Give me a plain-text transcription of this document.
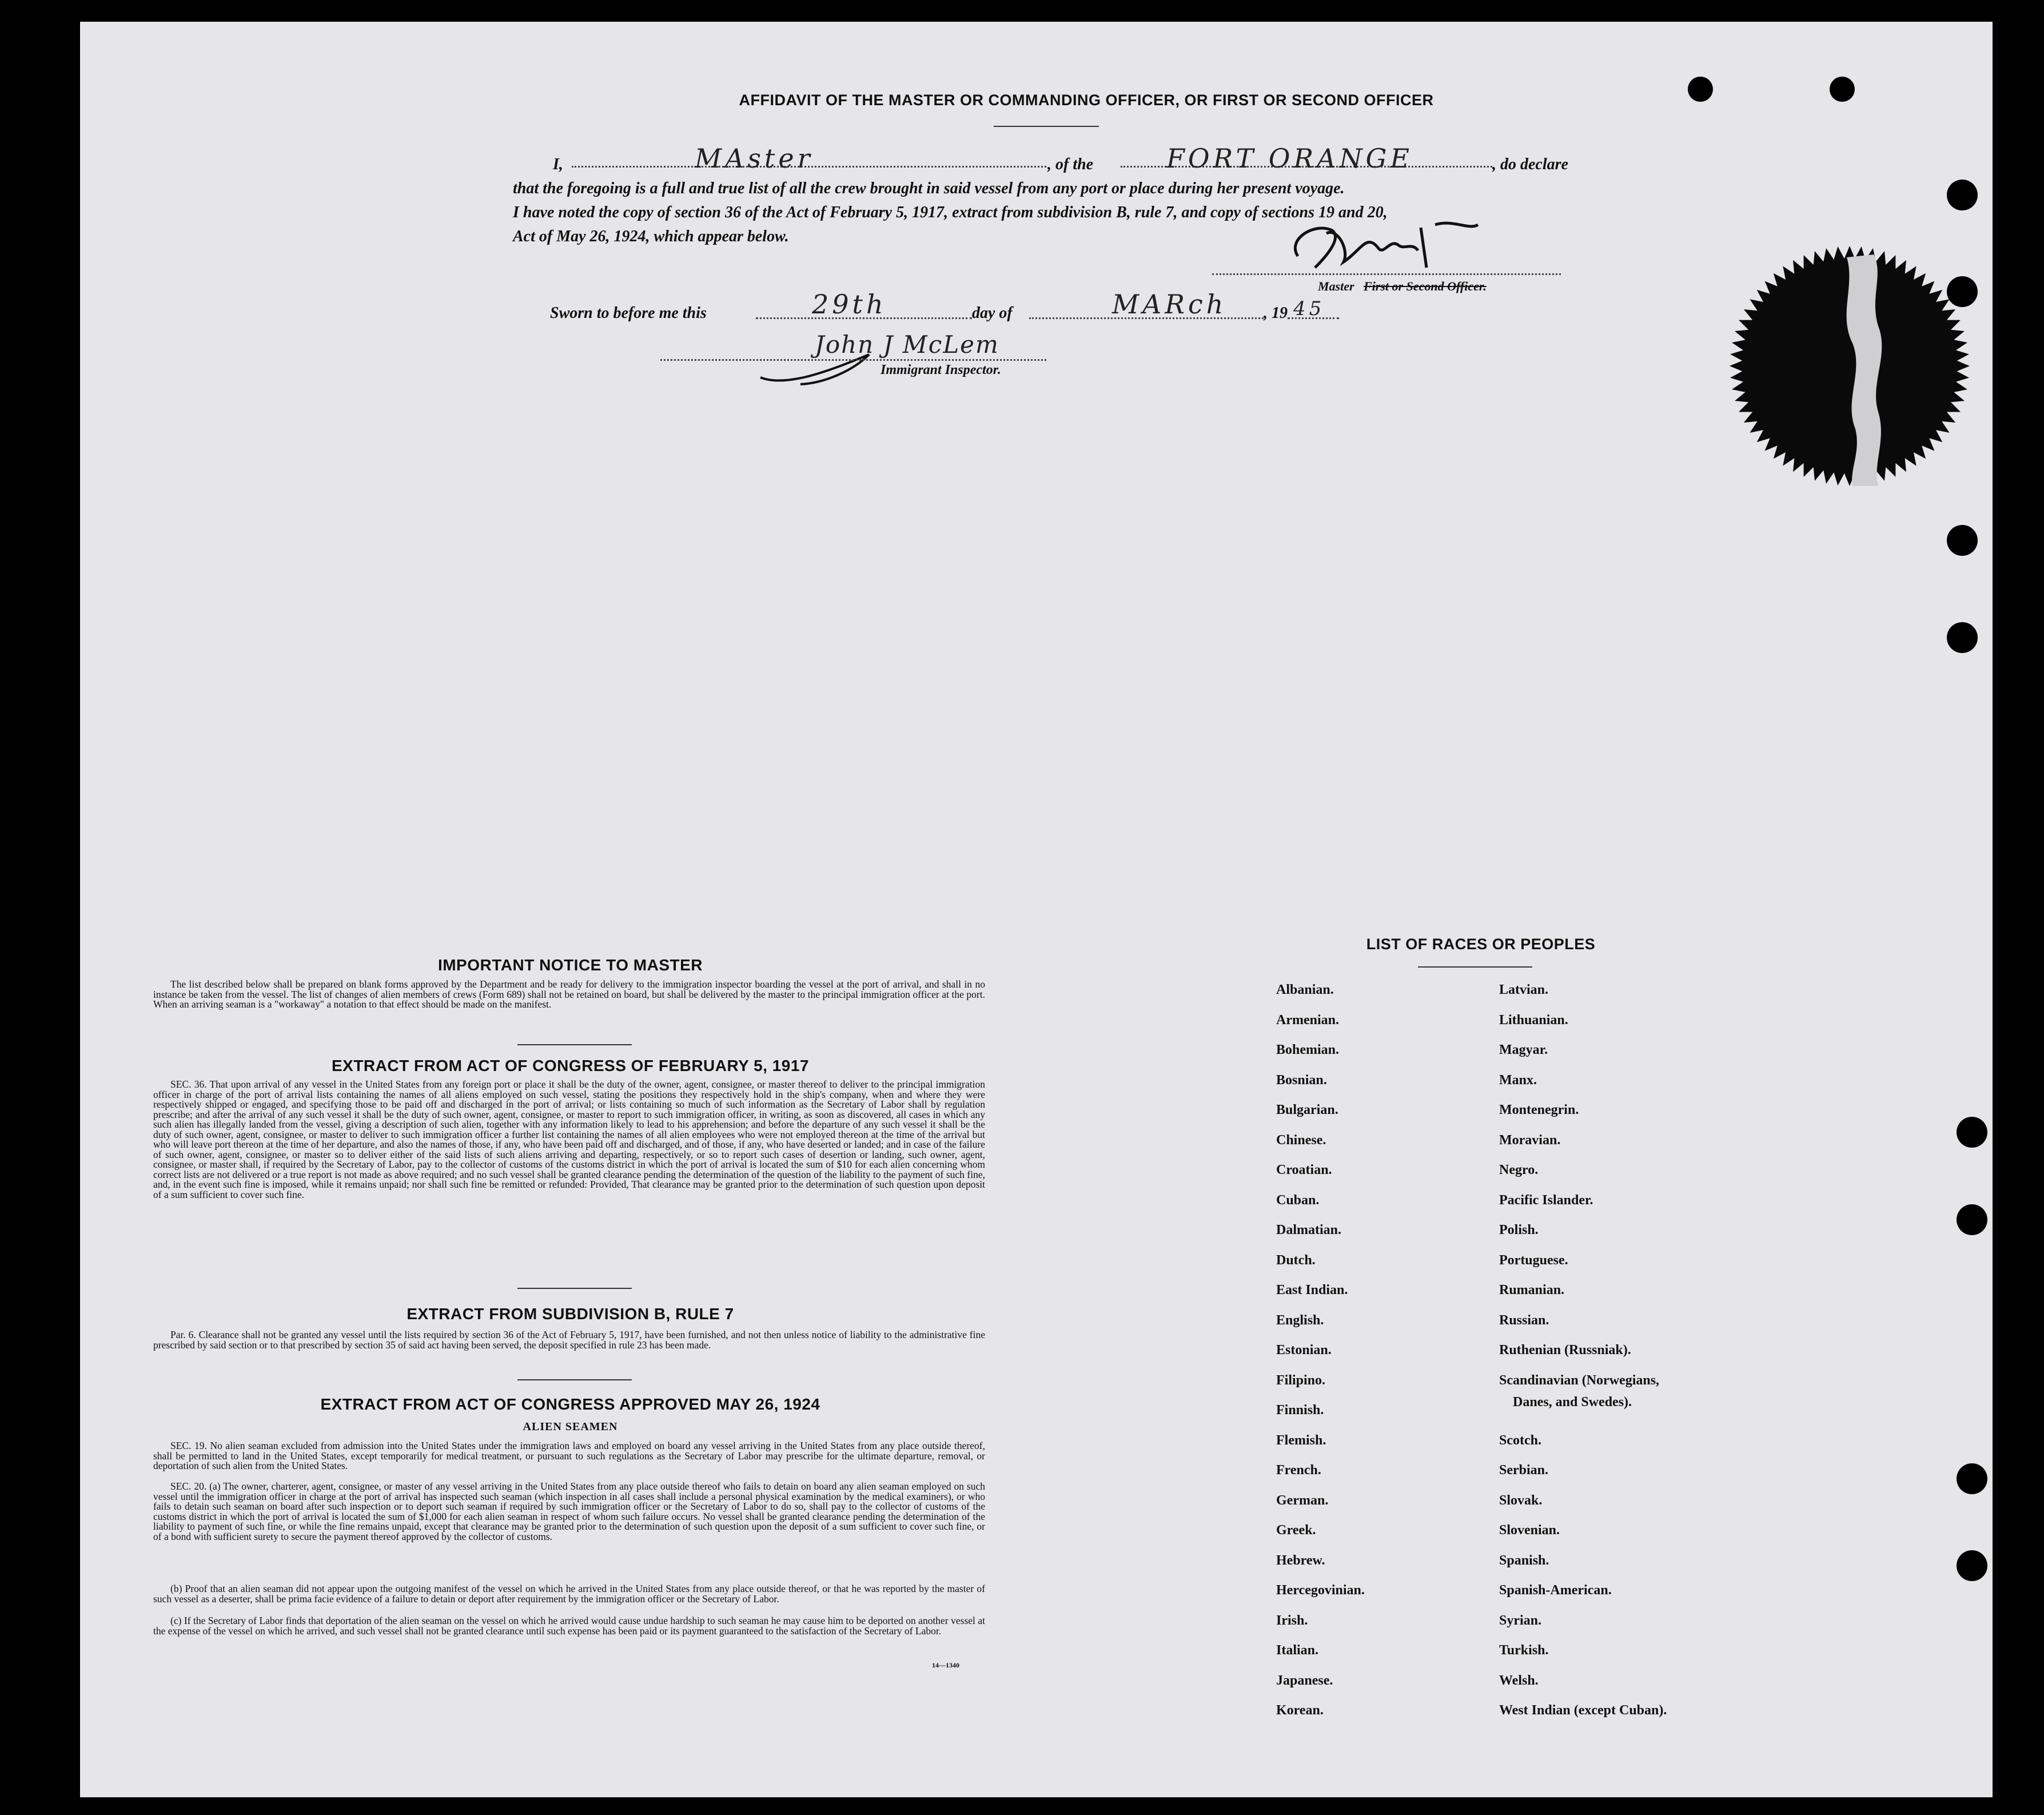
AFFIDAVIT OF THE MASTER OR COMMANDING OFFICER, OR FIRST OR SECOND OFFICER
I,	MAster	, of the	FORT ORANGE	, do declare
that the foregoing is a full and true list of all the crew brought in said vessel from any port or place during her present voyage.
I have noted the copy of section 36 of the Act of February 5, 1917, extract from subdivision B, rule 7, and copy of sections 19 and 20,
Act of May 26, 1924, which appear below.
Master First or Second Officer.
Sworn to before me this	29th	day of	MARch , 19 45
John J McLem
Immigrant Inspector.
IMPORTANT NOTICE TO MASTER
The list described below shall be prepared on blank forms approved by the Department and be ready for delivery to the immigration inspector boarding the vessel at the port of arrival, and shall in no instance be taken from the vessel. The list of changes of alien members of crews (Form 689) shall not be retained on board, but shall be delivered by the master to the principal immigration officer at the port. When an arriving seaman is a "workaway" a notation to that effect should be made on the manifest.
EXTRACT FROM ACT OF CONGRESS OF FEBRUARY 5, 1917
SEC. 36. That upon arrival of any vessel in the United States from any foreign port or place it shall be the duty of the owner, agent, consignee, or master thereof to deliver to the principal immigration officer in charge of the port of arrival lists containing the names of all aliens employed on such vessel, stating the positions they respectively hold in the ship's company, when and where they were respectively shipped or engaged, and specifying those to be paid off and discharged in the port of arrival; or lists containing so much of such information as the Secretary of Labor shall by regulation prescribe; and after the arrival of any such vessel it shall be the duty of such owner, agent, consignee, or master to report to such immigration officer, in writing, as soon as discovered, all cases in which any such alien has illegally landed from the vessel, giving a description of such alien, together with any information likely to lead to his apprehension; and before the departure of any such vessel it shall be the duty of such owner, agent, consignee, or master to deliver to such immigration officer a further list containing the names of all alien employees who were not employed thereon at the time of the arrival but who will leave port thereon at the time of her departure, and also the names of those, if any, who have been paid off and discharged, and of those, if any, who have deserted or landed; and in case of the failure of such owner, agent, consignee, or master so to deliver either of the said lists of such aliens arriving and departing, respectively, or so to report such cases of desertion or landing, such owner, agent, consignee, or master shall, if required by the Secretary of Labor, pay to the collector of customs of the customs district in which the port of arrival is located the sum of $10 for each alien concerning whom correct lists are not delivered or a true report is not made as above required; and no such vessel shall be granted clearance pending the determination of the question of the liability to the payment of such fine, and, in the event such fine is imposed, while it remains unpaid; nor shall such fine be remitted or refunded: Provided, That clearance may be granted prior to the determination of such question upon deposit of a sum sufficient to cover such fine.
EXTRACT FROM SUBDIVISION B, RULE 7
Par. 6. Clearance shall not be granted any vessel until the lists required by section 36 of the Act of February 5, 1917, have been furnished, and not then unless notice of liability to the administrative fine prescribed by said section or to that prescribed by section 35 of said act having been served, the deposit specified in rule 23 has been made.
EXTRACT FROM ACT OF CONGRESS APPROVED MAY 26, 1924
ALIEN SEAMEN
SEC. 19. No alien seaman excluded from admission into the United States under the immigration laws and employed on board any vessel arriving in the United States from any place outside thereof, shall be permitted to land in the United States, except temporarily for medical treatment, or pursuant to such regulations as the Secretary of Labor may prescribe for the ultimate departure, removal, or deportation of such alien from the United States.
SEC. 20. (a) The owner, charterer, agent, consignee, or master of any vessel arriving in the United States from any place outside thereof who fails to detain on board any alien seaman employed on such vessel until the immigration officer in charge at the port of arrival has inspected such seaman (which inspection in all cases shall include a personal physical examination by the medical examiners), or who fails to detain such seaman on board after such inspection or to deport such seaman if required by such immigration officer or the Secretary of Labor to do so, shall pay to the collector of customs of the customs district in which the port of arrival is located the sum of $1,000 for each alien seaman in respect of whom such failure occurs. No vessel shall be granted clearance pending the determination of the liability to payment of such fine, or while the fine remains unpaid, except that clearance may be granted prior to the determination of such question upon the deposit of a sum sufficient to cover such fine, or of a bond with sufficient surety to secure the payment thereof approved by the collector of customs.
(b) Proof that an alien seaman did not appear upon the outgoing manifest of the vessel on which he arrived in the United States from any place outside thereof, or that he was reported by the master of such vessel as a deserter, shall be prima facie evidence of a failure to detain or deport after requirement by the immigration officer or the Secretary of Labor.
(c) If the Secretary of Labor finds that deportation of the alien seaman on the vessel on which he arrived would cause undue hardship to such seaman he may cause him to be deported on another vessel at the expense of the vessel on which he arrived, and such vessel shall not be granted clearance until such expense has been paid or its payment guaranteed to the satisfaction of the Secretary of Labor.
14—1340
LIST OF RACES OR PEOPLES
Albanian.
Armenian.
Bohemian.
Bosnian.
Bulgarian.
Chinese.
Croatian.
Cuban.
Dalmatian.
Dutch.
East Indian.
English.
Estonian.
Filipino.
Finnish.
Flemish.
French.
German.
Greek.
Hebrew.
Hercegovinian.
Irish.
Italian.
Japanese.
Korean.
Latvian.
Lithuanian.
Magyar.
Manx.
Montenegrin.
Moravian.
Negro.
Pacific Islander.
Polish.
Portuguese.
Rumanian.
Russian.
Ruthenian (Russniak).
Scandinavian (Norwegians,
Danes, and Swedes).
Scotch.
Serbian.
Slovak.
Slovenian.
Spanish.
Spanish-American.
Syrian.
Turkish.
Welsh.
West Indian (except Cuban).
